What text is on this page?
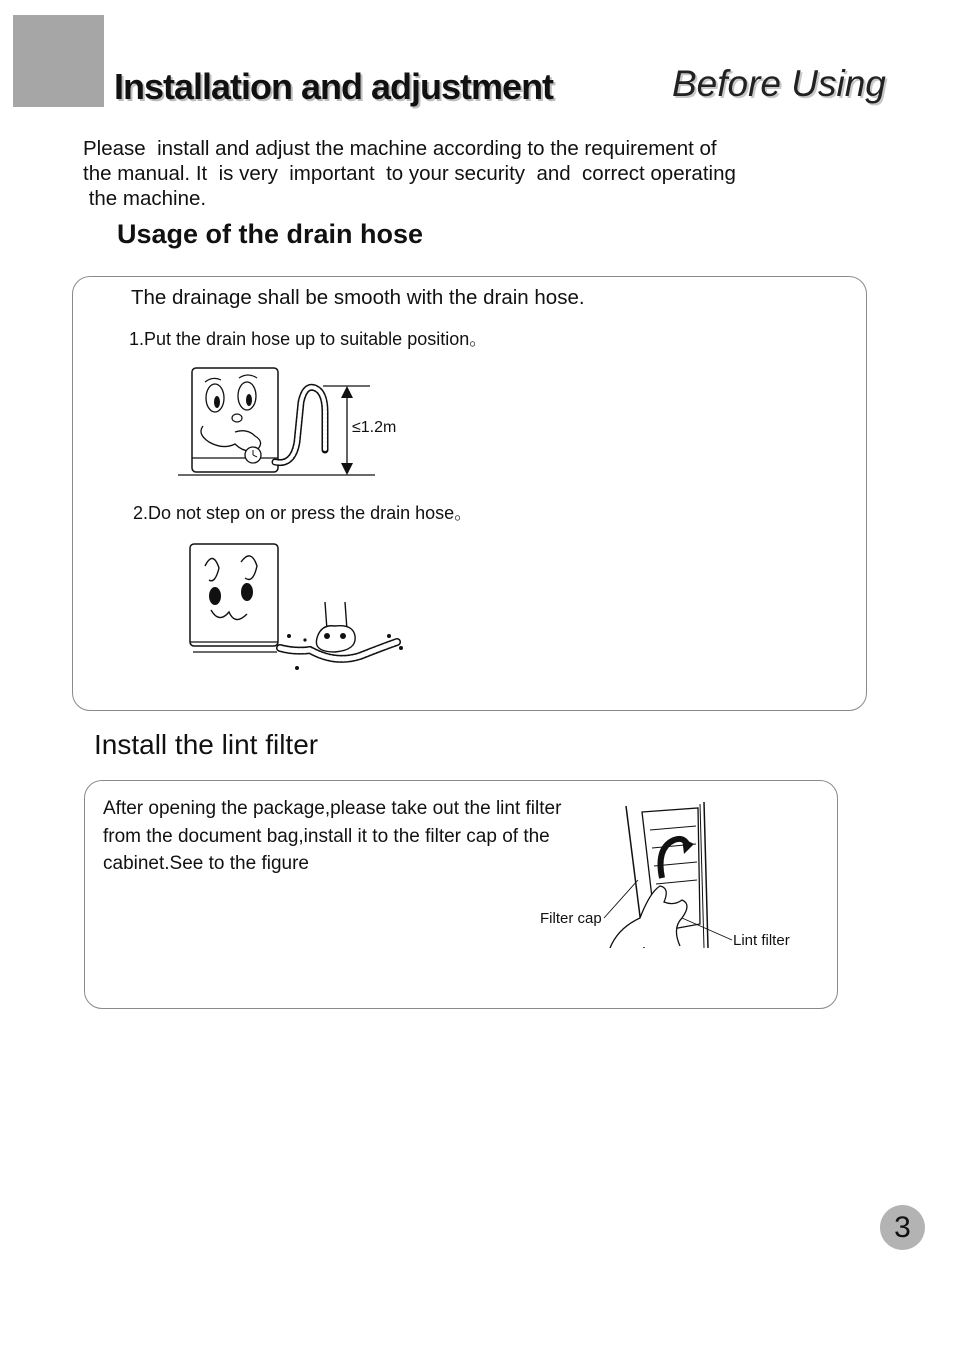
Installation and adjustment	Before Using
Please  install and adjust the machine according to the requirement of
the manual. It  is very  important  to your security  and  correct operating
the machine.
Usage of the drain hose
The drainage shall be smooth with the drain hose.
1.Put the drain hose up to suitable position。
≤1.2m
2.Do not step on or press the drain hose。
Install the lint filter
After opening the package,please take out the lint filter
from the document bag,install it to the filter cap of the
cabinet.See to the figure
Filter cap
Lint filter
3
